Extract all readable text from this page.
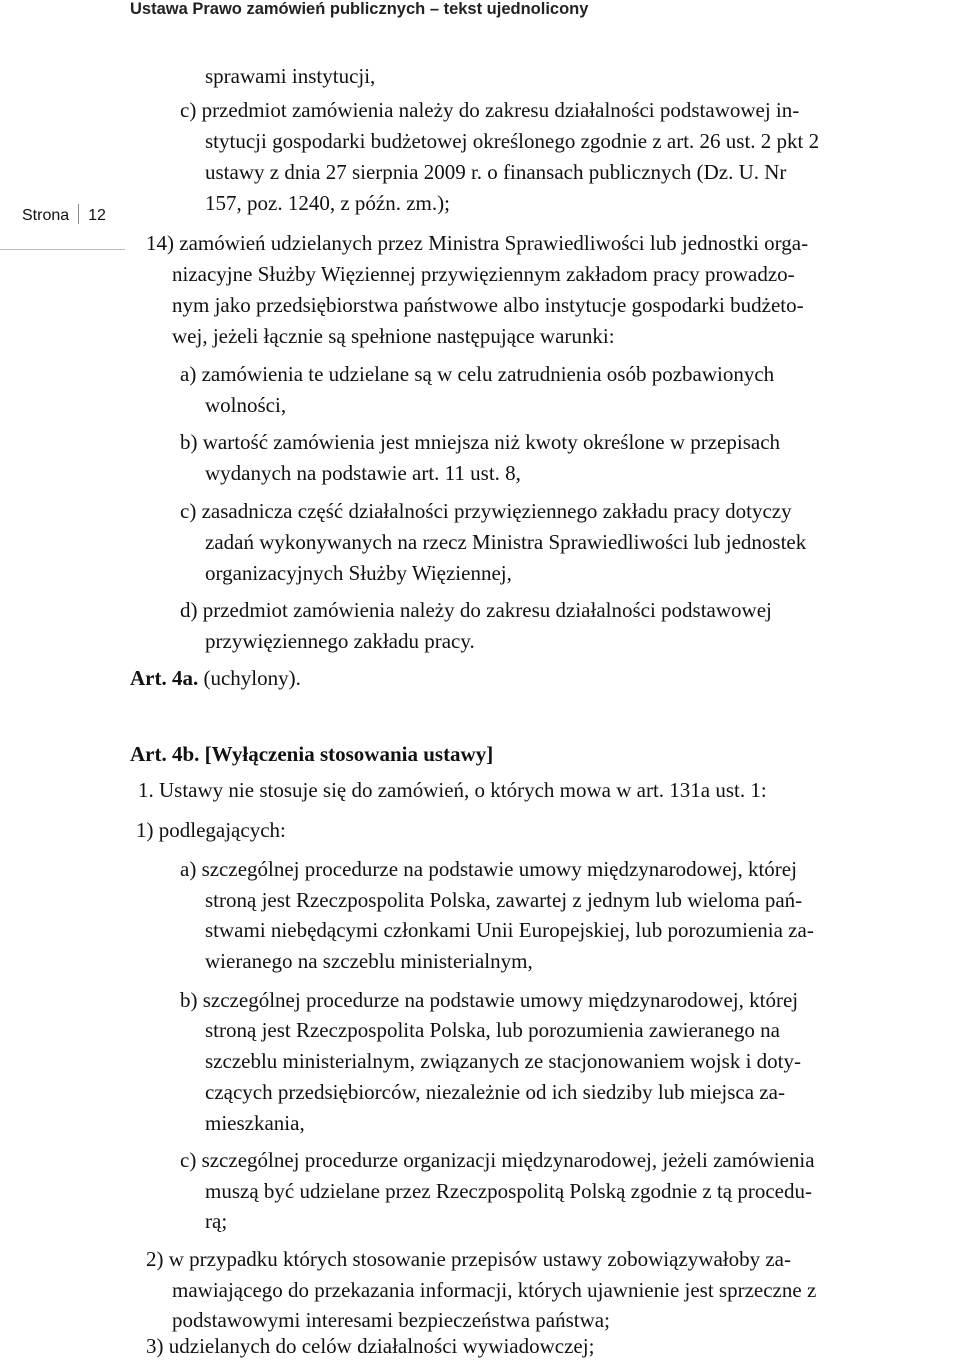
Ustawa Prawo zamówień publicznych – tekst ujednolicony
Strona 12
sprawami instytucji,
c) przedmiot zamówienia należy do zakresu działalności podstawowej in-
stytucji gospodarki budżetowej określonego zgodnie z art. 26 ust. 2 pkt 2
ustawy z dnia 27 sierpnia 2009 r. o finansach publicznych (Dz. U. Nr
157, poz. 1240, z późn. zm.);
14) zamówień udzielanych przez Ministra Sprawiedliwości lub jednostki orga-
nizacyjne Służby Więziennej przywięziennym zakładom pracy prowadzo-
nym jako przedsiębiorstwa państwowe albo instytucje gospodarki budżeto-
wej, jeżeli łącznie są spełnione następujące warunki:
a) zamówienia te udzielane są w celu zatrudnienia osób pozbawionych
wolności,
b) wartość zamówienia jest mniejsza niż kwoty określone w przepisach
wydanych na podstawie art. 11 ust. 8,
c) zasadnicza część działalności przywięziennego zakładu pracy dotyczy
zadań wykonywanych na rzecz Ministra Sprawiedliwości lub jednostek
organizacyjnych Służby Więziennej,
d) przedmiot zamówienia należy do zakresu działalności podstawowej
przywięziennego zakładu pracy.
Art. 4a. (uchylony).
Art. 4b. [Wyłączenia stosowania ustawy]
1. Ustawy nie stosuje się do zamówień, o których mowa w art. 131a ust. 1:
1) podlegających:
a) szczególnej procedurze na podstawie umowy międzynarodowej, której
stroną jest Rzeczpospolita Polska, zawartej z jednym lub wieloma pań-
stwami niebędącymi członkami Unii Europejskiej, lub porozumienia za-
wieranego na szczeblu ministerialnym,
b) szczególnej procedurze na podstawie umowy międzynarodowej, której
stroną jest Rzeczpospolita Polska, lub porozumienia zawieranego na
szczeblu ministerialnym, związanych ze stacjonowaniem wojsk i doty-
czących przedsiębiorców, niezależnie od ich siedziby lub miejsca za-
mieszkania,
c) szczególnej procedurze organizacji międzynarodowej, jeżeli zamówienia
muszą być udzielane przez Rzeczpospolitą Polską zgodnie z tą procedu-
rą;
2) w przypadku których stosowanie przepisów ustawy zobowiązywałoby za-
mawiającego do przekazania informacji, których ujawnienie jest sprzeczne z
podstawowymi interesami bezpieczeństwa państwa;
3) udzielanych do celów działalności wywiadowczej;
